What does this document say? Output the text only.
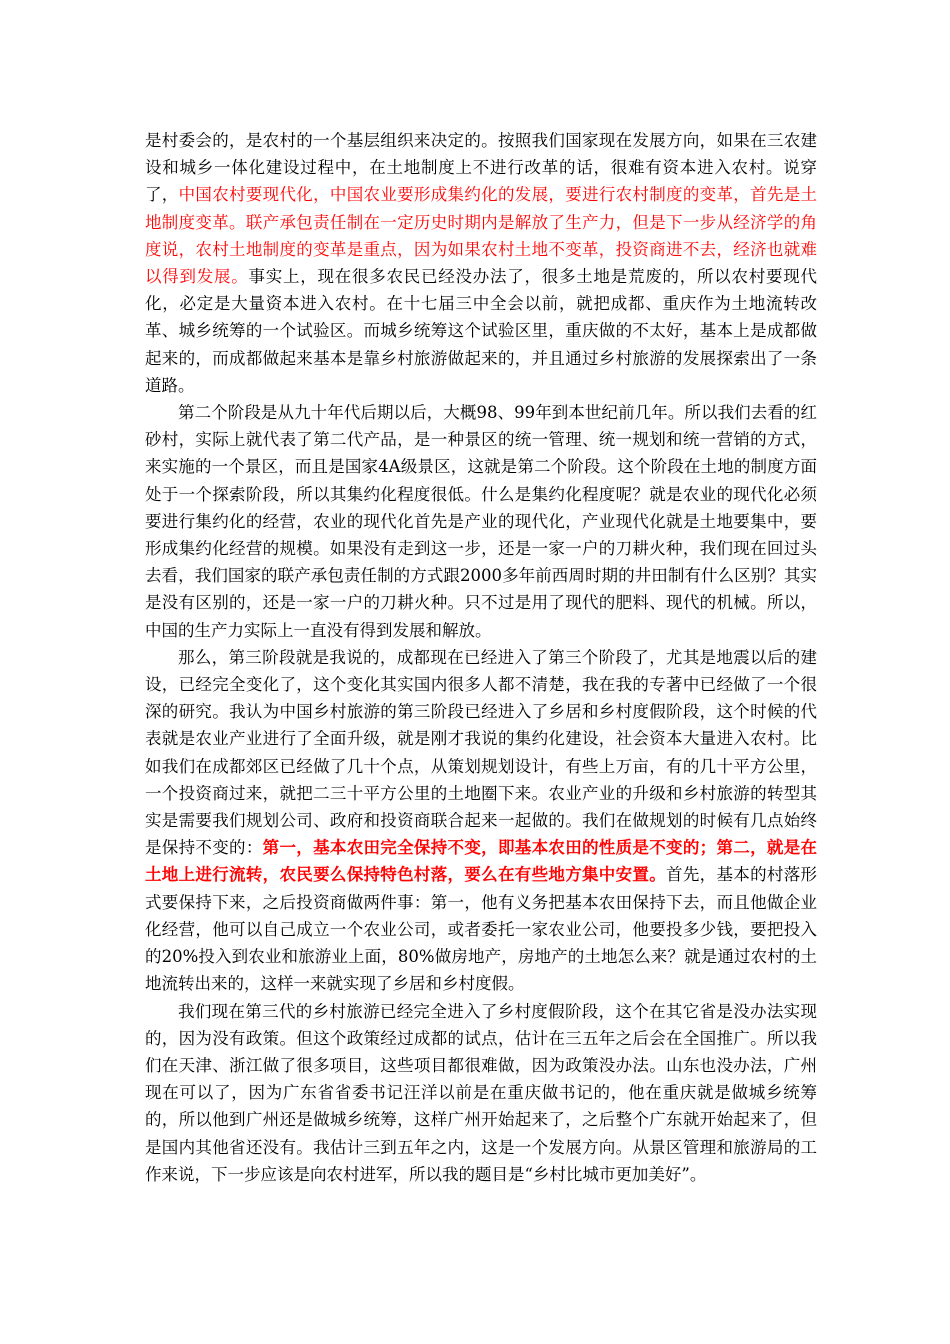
是村委会的，是农村的一个基层组织来决定的。按照我们国家现在发展方向，如果在三农建设和城乡一体化建设过程中，在土地制度上不进行改革的话，很难有资本进入农村。说穿了，中国农村要现代化，中国农业要形成集约化的发展，要进行农村制度的变革，首先是土地制度变革。联产承包责任制在一定历史时期内是解放了生产力，但是下一步从经济学的角度说，农村土地制度的变革是重点，因为如果农村土地不变革，投资商进不去，经济也就难以得到发展。事实上，现在很多农民已经没办法了，很多土地是荒废的，所以农村要现代化，必定是大量资本进入农村。在十七届三中全会以前，就把成都、重庆作为土地流转改革、城乡统筹的一个试验区。而城乡统筹这个试验区里，重庆做的不太好，基本上是成都做起来的，而成都做起来基本是靠乡村旅游做起来的，并且通过乡村旅游的发展探索出了一条道路。

第二个阶段是从九十年代后期以后，大概98、99年到本世纪前几年。所以我们去看的红砂村，实际上就代表了第二代产品，是一种景区的统一管理、统一规划和统一营销的方式，来实施的一个景区，而且是国家4A级景区，这就是第二个阶段。这个阶段在土地的制度方面处于一个探索阶段，所以其集约化程度很低。什么是集约化程度呢？就是农业的现代化必须要进行集约化的经营，农业的现代化首先是产业的现代化，产业现代化就是土地要集中，要形成集约化经营的规模。如果没有走到这一步，还是一家一户的刀耕火种，我们现在回过头去看，我们国家的联产承包责任制的方式跟2000多年前西周时期的井田制有什么区别？其实是没有区别的，还是一家一户的刀耕火种。只不过是用了现代的肥料、现代的机械。所以，中国的生产力实际上一直没有得到发展和解放。

那么，第三阶段就是我说的，成都现在已经进入了第三个阶段了，尤其是地震以后的建设，已经完全变化了，这个变化其实国内很多人都不清楚，我在我的专著中已经做了一个很深的研究。我认为中国乡村旅游的第三阶段已经进入了乡居和乡村度假阶段，这个时候的代表就是农业产业进行了全面升级，就是刚才我说的集约化建设，社会资本大量进入农村。比如我们在成都郊区已经做了几十个点，从策划规划设计，有些上万亩，有的几十平方公里，一个投资商过来，就把二三十平方公里的土地圈下来。农业产业的升级和乡村旅游的转型其实是需要我们规划公司、政府和投资商联合起来一起做的。我们在做规划的时候有几点始终是保持不变的：第一，基本农田完全保持不变，即基本农田的性质是不变的；第二，就是在土地上进行流转，农民要么保持特色村落，要么在有些地方集中安置。首先，基本的村落形式要保持下来，之后投资商做两件事：第一，他有义务把基本农田保持下去，而且他做企业化经营，他可以自己成立一个农业公司，或者委托一家农业公司，他要投多少钱，要把投入的20%投入到农业和旅游业上面，80%做房地产，房地产的土地怎么来？就是通过农村的土地流转出来的，这样一来就实现了乡居和乡村度假。

我们现在第三代的乡村旅游已经完全进入了乡村度假阶段，这个在其它省是没办法实现的，因为没有政策。但这个政策经过成都的试点，估计在三五年之后会在全国推广。所以我们在天津、浙江做了很多项目，这些项目都很难做，因为政策没办法。山东也没办法，广州现在可以了，因为广东省省委书记汪洋以前是在重庆做书记的，他在重庆就是做城乡统筹的，所以他到广州还是做城乡统筹，这样广州开始起来了，之后整个广东就开始起来了，但是国内其他省还没有。我估计三到五年之内，这是一个发展方向。从景区管理和旅游局的工作来说，下一步应该是向农村进军，所以我的题目是“乡村比城市更加美好”。
